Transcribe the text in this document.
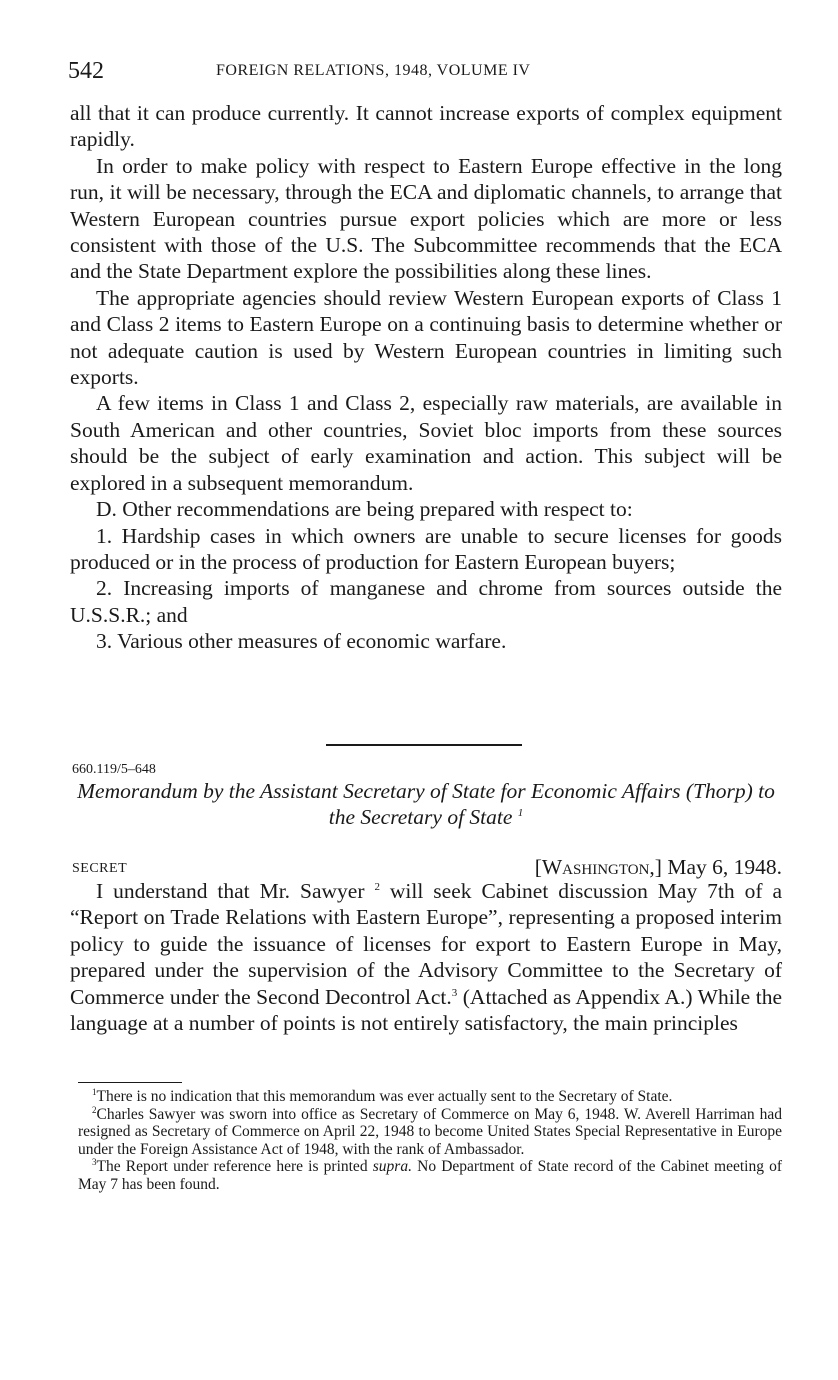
542	FOREIGN RELATIONS, 1948, VOLUME IV

all that it can produce currently. It cannot increase exports of complex equipment rapidly.

In order to make policy with respect to Eastern Europe effective in the long run, it will be necessary, through the ECA and diplomatic channels, to arrange that Western European countries pursue export policies which are more or less consistent with those of the U.S. The Subcommittee recommends that the ECA and the State Department explore the possibilities along these lines.

The appropriate agencies should review Western European exports of Class 1 and Class 2 items to Eastern Europe on a continuing basis to determine whether or not adequate caution is used by Western European countries in limiting such exports.

A few items in Class 1 and Class 2, especially raw materials, are available in South American and other countries, Soviet bloc imports from these sources should be the subject of early examination and action. This subject will be explored in a subsequent memorandum.

D. Other recommendations are being prepared with respect to:

1. Hardship cases in which owners are unable to secure licenses for goods produced or in the process of production for Eastern European buyers;

2. Increasing imports of manganese and chrome from sources outside the U.S.S.R.; and

3. Various other measures of economic warfare.

660.119/5–648
Memorandum by the Assistant Secretary of State for Economic Affairs (Thorp) to the Secretary of State $^1$
SECRET	[Washington,] May 6, 1948.

I understand that Mr. Sawyer $^2$ will seek Cabinet discussion May 7th of a “Report on Trade Relations with Eastern Europe”, representing a proposed interim policy to guide the issuance of licenses for export to Eastern Europe in May, prepared under the supervision of the Advisory Committee to the Secretary of Commerce under the Second Decontrol Act.$^3$ (Attached as Appendix A.) While the language at a number of points is not entirely satisfactory, the main principles

$^1$There is no indication that this memorandum was ever actually sent to the Secretary of State.

$^2$Charles Sawyer was sworn into office as Secretary of Commerce on May 6, 1948. W. Averell Harriman had resigned as Secretary of Commerce on April 22, 1948 to become United States Special Representative in Europe under the Foreign Assistance Act of 1948, with the rank of Ambassador.

$^3$The Report under reference here is printed supra. No Department of State record of the Cabinet meeting of May 7 has been found.
